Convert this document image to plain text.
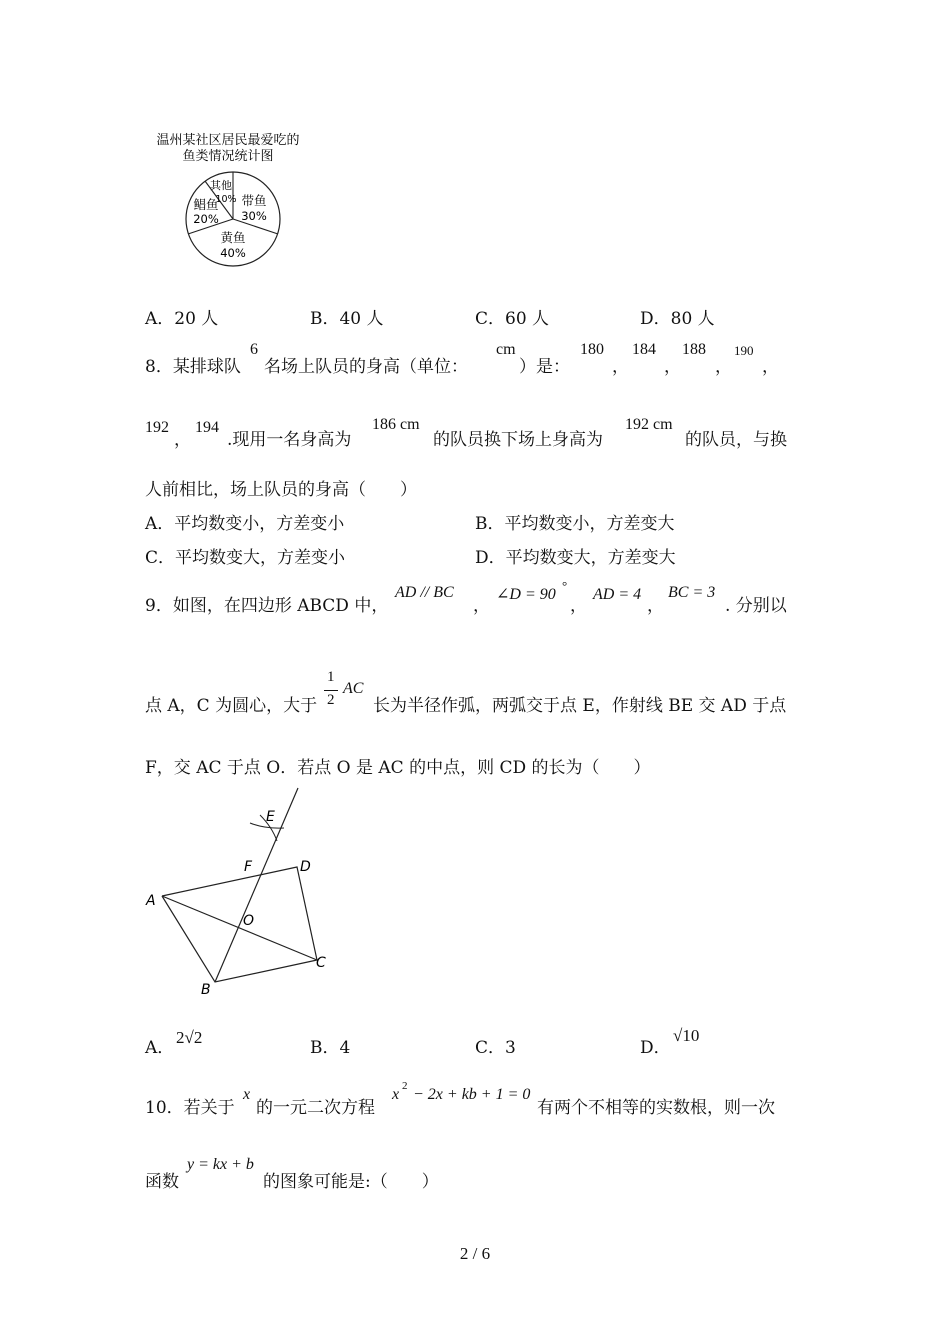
温州某社区居民最爱吃的
鱼类情况统计图
带鱼
30%
黄鱼
40%
鲳鱼
20%
其他
10%
A．20 人	B．40 人	C．60 人	D．80 人
8．某排球队
6
名场上队员的身高（单位：
cm
）是：
180
，
184
，
188
，
190
，
192
，
194
.现用一名身高为
186 cm
的队员换下场上身高为
192 cm
的队员，与换
人前相比，场上队员的身高（　　）
A．平均数变小，方差变小	B．平均数变小，方差变大
C．平均数变大，方差变小	D．平均数变大，方差变大
9．如图，在四边形 ABCD 中，
AD // BC
，
∠D = 90
°
，
AD = 4
，
BC = 3
. 分别以
点 A，C 为圆心，大于
1
2
AC
长为半径作弧，两弧交于点 E，作射线 BE 交 AD 于点
F，交 AC 于点 O．若点 O 是 AC 的中点，则 CD 的长为（　　）
E
F	D
A
O
C
B
A．
2√2
B．4	C．3	D．
√10
10．若关于
x
的一元二次方程
x 2 − 2x + kb + 1 = 0
有两个不相等的实数根，则一次
函数
y = kx + b
的图象可能是:（　　）
2 / 6
